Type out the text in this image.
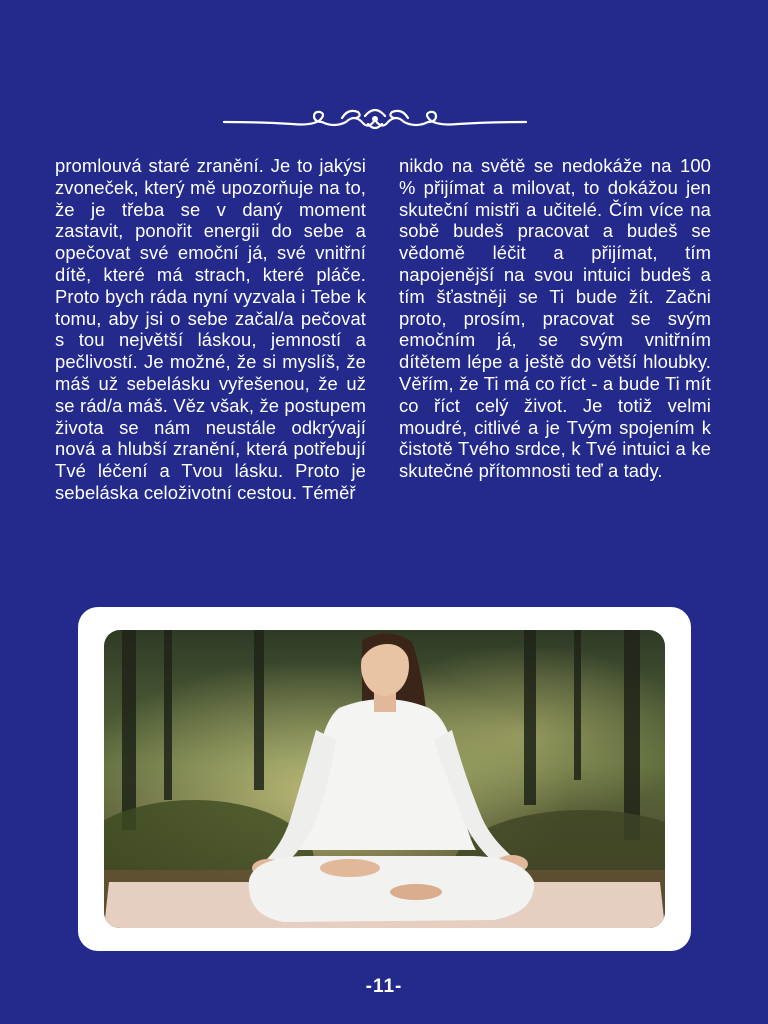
promlouvá staré zranění. Je to jakýsi zvoneček, který mě upozorňuje na to, že je třeba se v daný moment zastavit, ponořit energii do sebe a opečovat své emoční já, své vnitřní dítě, které má strach, které pláče. Proto bych ráda nyní vyzvala i Tebe k tomu, aby jsi o sebe začal/a pečovat s tou největší láskou, jemností a pečlivostí. Je možné, že si myslíš, že máš už sebelásku vyřešenou, že už se rád/a máš. Věz však, že postupem života se nám neustále odkrývají nová a hlubší zranění, která potřebují Tvé léčení a Tvou lásku. Proto je sebeláska celoživotní cestou. Téměř

nikdo na světě se nedokáže na 100 % přijímat a milovat, to dokážou jen skuteční mistři a učitelé. Čím více na sobě budeš pracovat a budeš se vědomě léčit a přijímat, tím napojenější na svou intuici budeš a tím šťastněji se Ti bude žít. Začni proto, prosím, pracovat se svým emočním já, se svým vnitřním dítětem lépe a ještě do větší hloubky. Věřím, že Ti má co říct - a bude Ti mít co říct celý život. Je totiž velmi moudré, citlivé a je Tvým spojením k čistotě Tvého srdce, k Tvé intuici a ke skutečné přítomnosti teď a tady.

-11-
